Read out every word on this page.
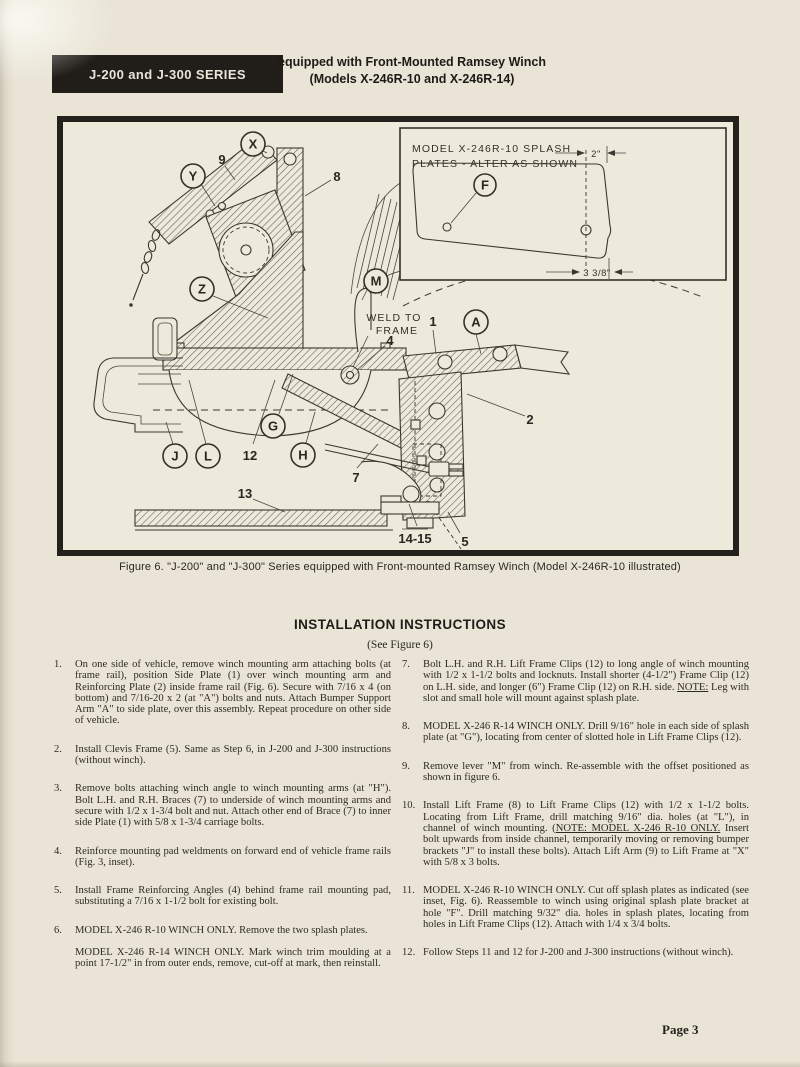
J-200 and J-300 SERIES
equipped with Front-Mounted Ramsey Winch
(Models X-246R-10 and X-246R-14)
X
Y
Z
M
A
G
H
J L
9
8
1
2
4
7
12
13
5
14-15
WELD TO
FRAME
MODEL X-246R-10 SPLASH
PLATES - ALTER AS SHOWN
F
2"
3 3/8"
Figure 6. "J-200" and "J-300" Series equipped with Front-mounted Ramsey Winch (Model X-246R-10 illustrated)
INSTALLATION INSTRUCTIONS
(See Figure 6)
1.	On one side of vehicle, remove winch mounting arm attaching bolts (at frame rail), position Side Plate (1) over winch mounting arm and Reinforcing Plate (2) inside frame rail (Fig. 6). Secure with 7/16 x 4 (on bottom) and 7/16-20 x 2 (at "A") bolts and nuts. Attach Bumper Support Arm "A" to side plate, over this assembly. Repeat procedure on other side of vehicle.
2.	Install Clevis Frame (5). Same as Step 6, in J-200 and J-300 instructions (without winch).
3.	Remove bolts attaching winch angle to winch mounting arms (at "H"). Bolt L.H. and R.H. Braces (7) to underside of winch mounting arms and secure with 1/2 x 1-3/4 bolt and nut. Attach other end of Brace (7) to inner side Plate (1) with 5/8 x 1-3/4 carriage bolts.
4.	Reinforce mounting pad weldments on forward end of vehicle frame rails (Fig. 3, inset).
5.	Install Frame Reinforcing Angles (4) behind frame rail mounting pad, substituting a 7/16 x 1-1/2 bolt for existing bolt.
6.	MODEL X-246 R-10 WINCH ONLY. Remove the two splash plates.
MODEL X-246 R-14 WINCH ONLY. Mark winch trim moulding at a point 17-1/2" in from outer ends, remove, cut-off at mark, then reinstall.
7.	Bolt L.H. and R.H. Lift Frame Clips (12) to long angle of winch mounting with 1/2 x 1-1/2 bolts and locknuts. Install shorter (4-1/2") Frame Clip (12) on L.H. side, and longer (6") Frame Clip (12) on R.H. side. NOTE: Leg with slot and small hole will mount against splash plate.
8.	MODEL X-246 R-14 WINCH ONLY. Drill 9/16" hole in each side of splash plate (at "G"), locating from center of slotted hole in Lift Frame Clips (12).
9.	Remove lever "M" from winch. Re-assemble with the offset positioned as shown in figure 6.
10. Install Lift Frame (8) to Lift Frame Clips (12) with 1/2 x 1-1/2 bolts. Locating from Lift Frame, drill matching 9/16" dia. holes (at "L"), in channel of winch mounting. (NOTE: MODEL X-246 R-10 ONLY. Insert bolt upwards from inside channel, temporarily moving or removing bumper brackets "J" to install these bolts). Attach Lift Arm (9) to Lift Frame at "X" with 5/8 x 3 bolts.
11. MODEL X-246 R-10 WINCH ONLY. Cut off splash plates as indicated (see inset, Fig. 6). Reassemble to winch using original splash plate bracket at hole "F". Drill matching 9/32" dia. holes in splash plates, locating from holes in Lift Frame Clips (12). Attach with 1/4 x 3/4 bolts.
12. Follow Steps 11 and 12 for J-200 and J-300 instructions (without winch).
Page 3
